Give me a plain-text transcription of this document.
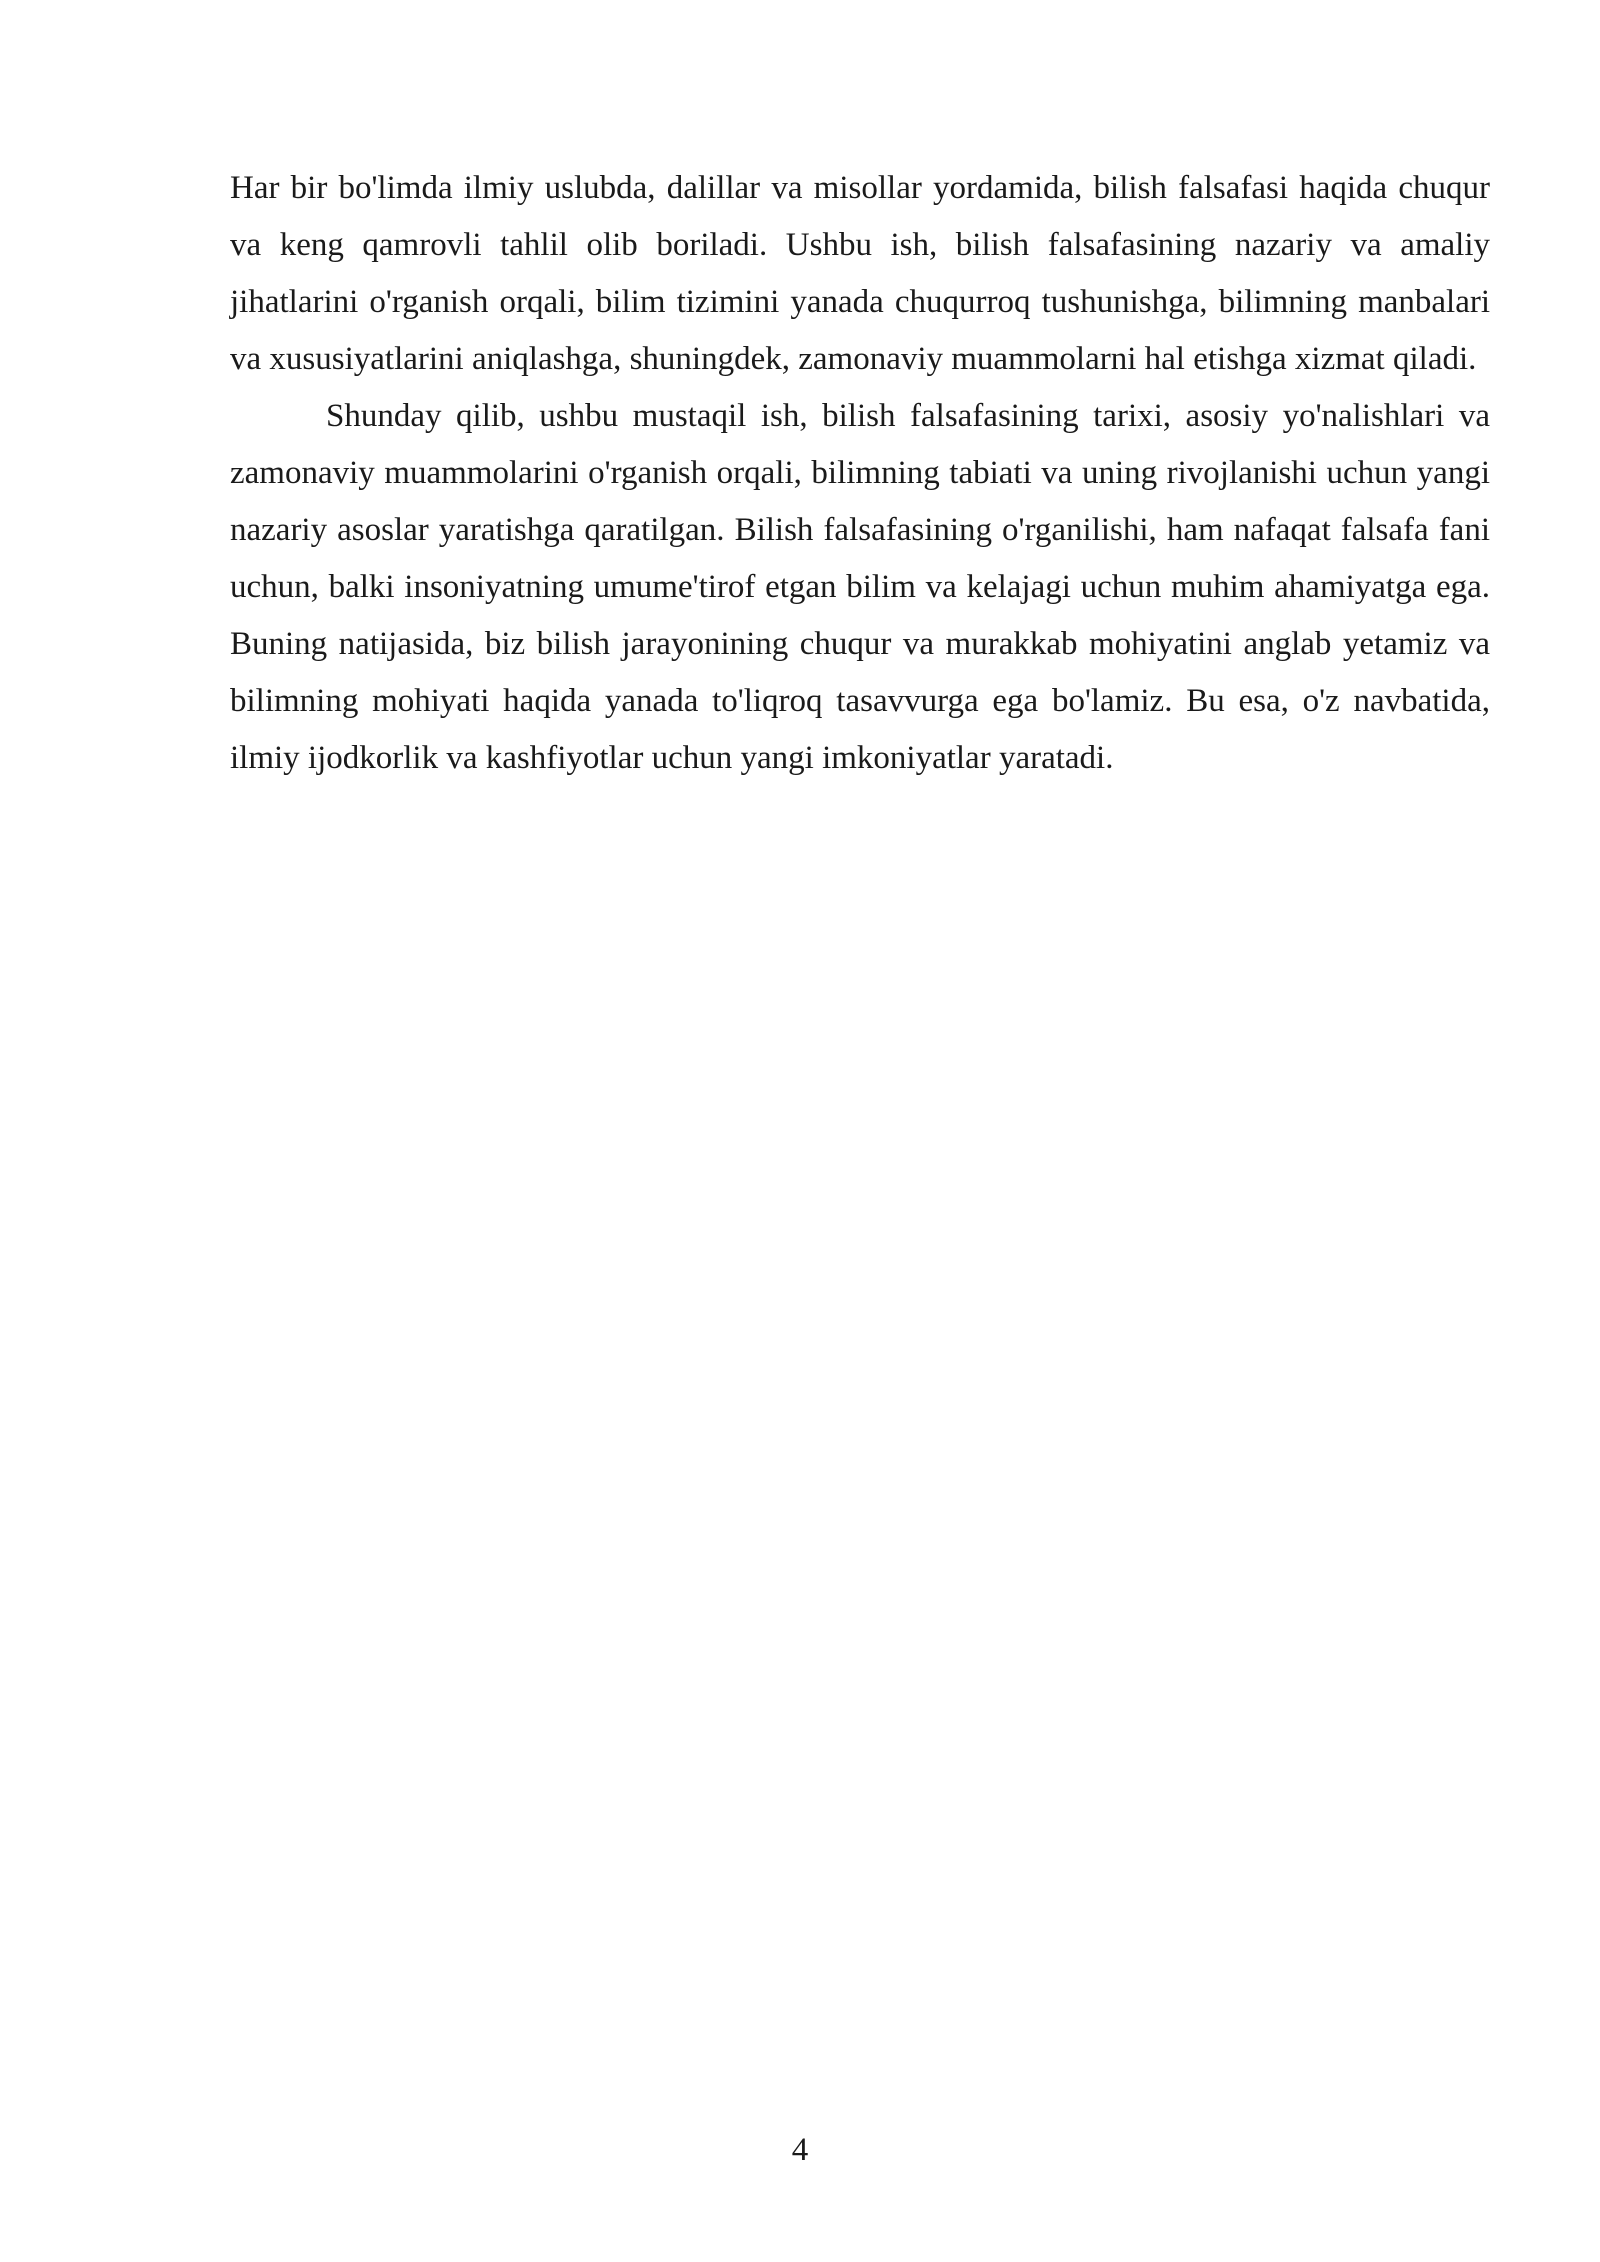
Har bir bo'limda ilmiy uslubda, dalillar va misollar yordamida, bilish falsafasi haqida chuqur va keng qamrovli tahlil olib boriladi. Ushbu ish, bilish falsafasining nazariy va amaliy jihatlarini o'rganish orqali, bilim tizimini yanada chuqurroq tushunishga, bilimning manbalari va xususiyatlarini aniqlashga, shuningdek, zamonaviy muammolarni hal etishga xizmat qiladi.

Shunday qilib, ushbu mustaqil ish, bilish falsafasining tarixi, asosiy yo'nalishlari va zamonaviy muammolarini o'rganish orqali, bilimning tabiati va uning rivojlanishi uchun yangi nazariy asoslar yaratishga qaratilgan. Bilish falsafasining o'rganilishi, ham nafaqat falsafa fani uchun, balki insoniyatning umume'tirof etgan bilim va kelajagi uchun muhim ahamiyatga ega. Buning natijasida, biz bilish jarayonining chuqur va murakkab mohiyatini anglab yetamiz va bilimning mohiyati haqida yanada to'liqroq tasavvurga ega bo'lamiz. Bu esa, o'z navbatida, ilmiy ijodkorlik va kashfiyotlar uchun yangi imkoniyatlar yaratadi.

4
